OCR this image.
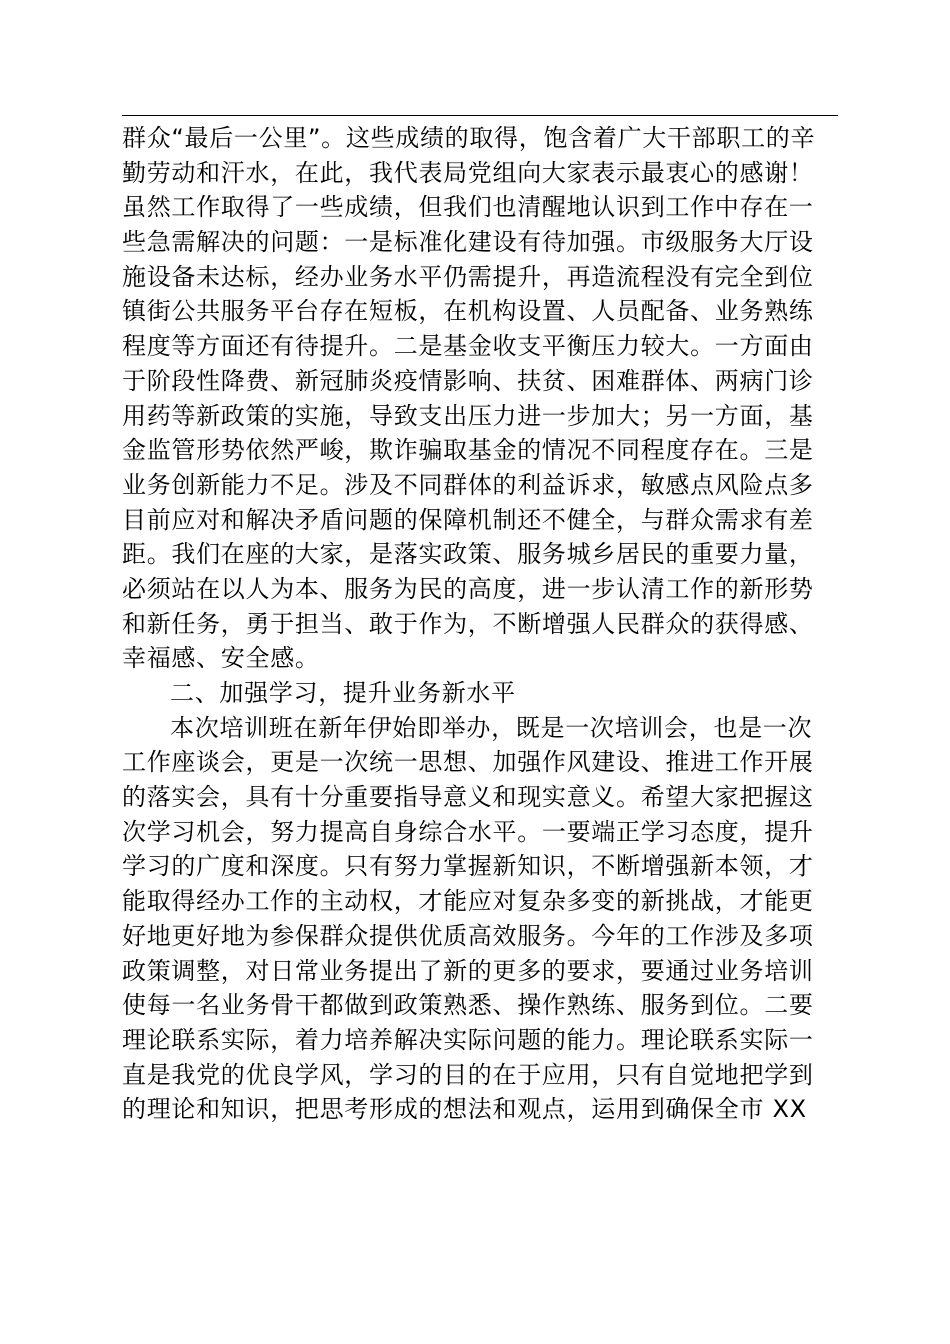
群众“最后一公里”。这些成绩的取得，饱含着广大干部职工的辛
勤劳动和汗水，在此，我代表局党组向大家表示最衷心的感谢！
虽然工作取得了一些成绩，但我们也清醒地认识到工作中存在一
些急需解决的问题：一是标准化建设有待加强。市级服务大厅设
施设备未达标，经办业务水平仍需提升，再造流程没有完全到位
镇街公共服务平台存在短板，在机构设置、人员配备、业务熟练
程度等方面还有待提升。二是基金收支平衡压力较大。一方面由
于阶段性降费、新冠肺炎疫情影响、扶贫、困难群体、两病门诊
用药等新政策的实施，导致支出压力进一步加大；另一方面，基
金监管形势依然严峻，欺诈骗取基金的情况不同程度存在。三是
业务创新能力不足。涉及不同群体的利益诉求，敏感点风险点多
目前应对和解决矛盾问题的保障机制还不健全，与群众需求有差
距。我们在座的大家，是落实政策、服务城乡居民的重要力量，
必须站在以人为本、服务为民的高度，进一步认清工作的新形势
和新任务，勇于担当、敢于作为，不断增强人民群众的获得感、
幸福感、安全感。
二、加强学习，提升业务新水平
本次培训班在新年伊始即举办，既是一次培训会，也是一次
工作座谈会，更是一次统一思想、加强作风建设、推进工作开展
的落实会，具有十分重要指导意义和现实意义。希望大家把握这
次学习机会，努力提高自身综合水平。一要端正学习态度，提升
学习的广度和深度。只有努力掌握新知识，不断增强新本领，才
能取得经办工作的主动权，才能应对复杂多变的新挑战，才能更
好地更好地为参保群众提供优质高效服务。今年的工作涉及多项
政策调整，对日常业务提出了新的更多的要求，要通过业务培训
使每一名业务骨干都做到政策熟悉、操作熟练、服务到位。二要
理论联系实际，着力培养解决实际问题的能力。理论联系实际一
直是我党的优良学风，学习的目的在于应用，只有自觉地把学到
的理论和知识，把思考形成的想法和观点，运用到确保全市 XX
